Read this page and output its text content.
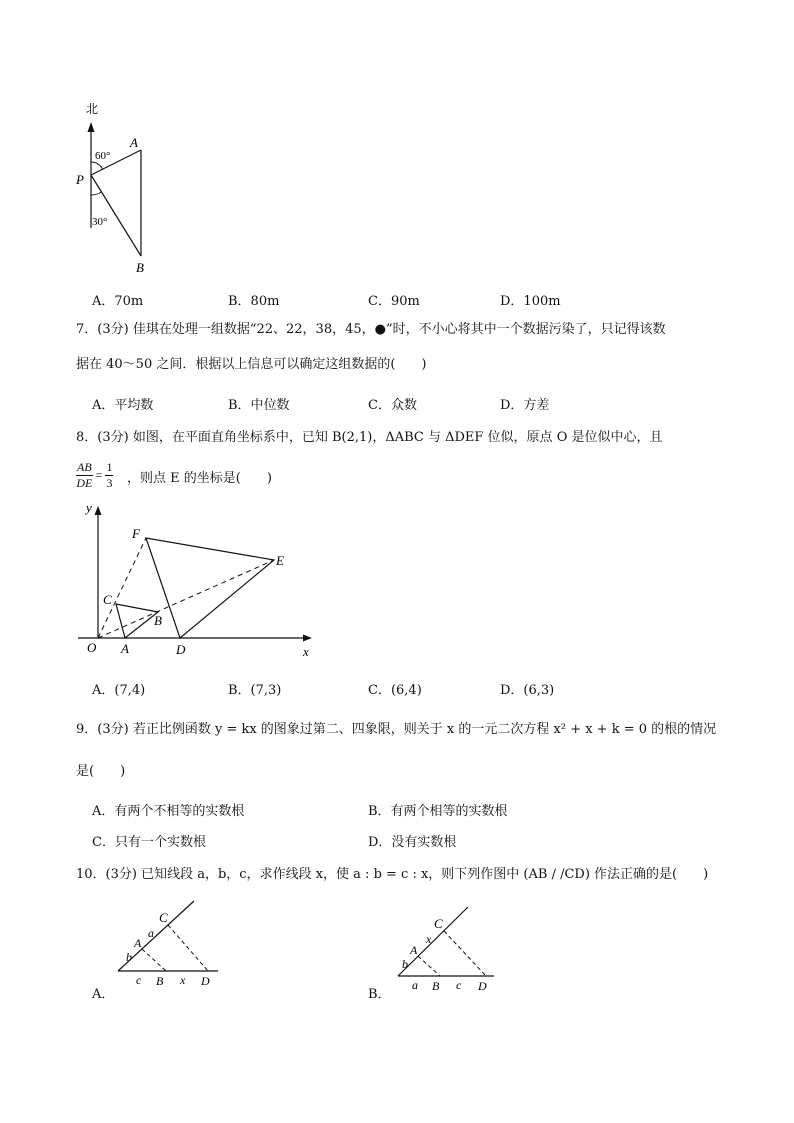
北
60°
30°
P
A
B
A．70m	B．80m	C．90m	D．100m
7．(3分) 佳琪在处理一组数据“22、22，38，45，●”时，不小心将其中一个数据污染了，只记得该数
据在 40～50 之间．根据以上信息可以确定这组数据的(　　)
A．平均数	B．中位数	C．众数	D．方差
8．(3分) 如图，在平面直角坐标系中，已知 B(2,1)，ΔABC 与 ΔDEF 位似，原点 O 是位似中心，且
$\frac{AB}{DE} = \frac{1}{3}$ ，则点 E 的坐标是(　　)
y
x
O A
B
C
D
E
F
A．(7,4)	B．(7,3)	C．(6,4)	D．(6,3)
9．(3分) 若正比例函数 y = kx 的图象过第二、四象限，则关于 x 的一元二次方程 x² + x + k = 0 的根的情况
是(　　)
A．有两个不相等的实数根	B．有两个相等的实数根
C．只有一个实数根	D．没有实数根
10．(3分) 已知线段 a，b，c，求作线段 x，使 a : b = c : x，则下列作图中 (AB / /CD) 作法正确的是(　　)
A．
C
a
A
b
c B x D
B．
C
x
A
b
a B c D
